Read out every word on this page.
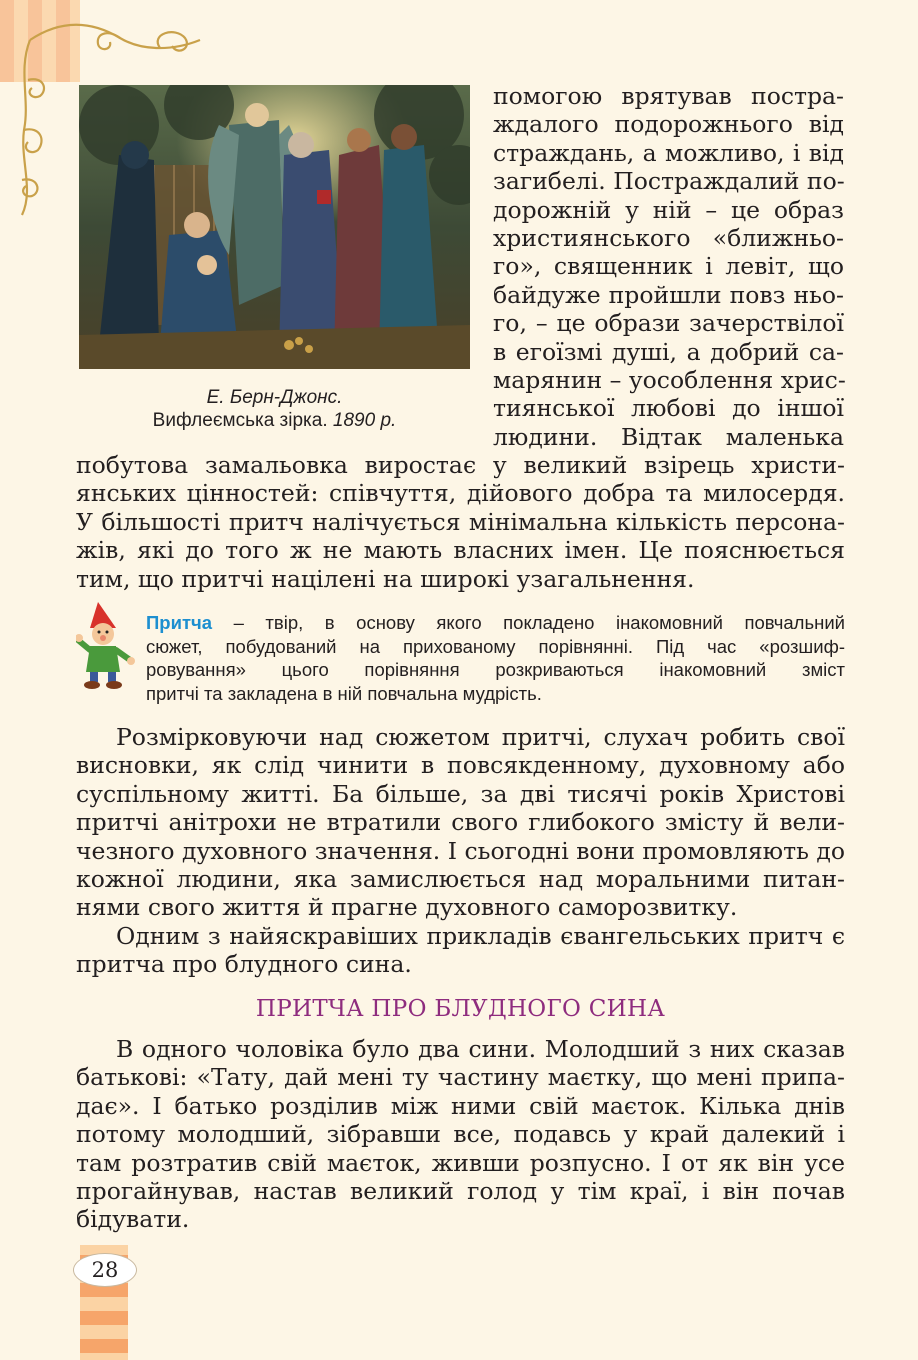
Е. Берн-Джонс.
Вифлеємська зірка. 1890 р.
помогою врятував постра-
ждалого подорожнього від
страждань, а можливо, і від
загибелі. Постраждалий по-
дорожній у ній – це образ
християнського «ближньо-
го», священник і левіт, що
байдуже пройшли повз ньо-
го, – це образи зачерствілої
в егоїзмі душі, а добрий са-
марянин – уособлення хрис-
тиянської любові до іншої
людини. Відтак маленька
побутова замальовка виростає у великий взірець христи-
янських цінностей: співчуття, дійового добра та милосердя.
У більшості притч налічується мінімальна кількість персона-
жів, які до того ж не мають власних імен. Це пояснюється
тим, що притчі націлені на широкі узагальнення.
Притча – твір, в основу якого покладено інакомовний повчальний
сюжет, побудований на прихованому порівнянні. Під час «розшиф-
ровування» цього порівняння розкриваються інакомовний зміст
притчі та закладена в ній повчальна мудрість.
Розмірковуючи над сюжетом притчі, слухач робить свої
висновки, як слід чинити в повсякденному, духовному або
суспільному житті. Ба більше, за дві тисячі років Христові
притчі анітрохи не втратили свого глибокого змісту й вели-
чезного духовного значення. І сьогодні вони промовляють до
кожної людини, яка замислюється над моральними питан-
нями свого життя й прагне духовного саморозвитку.
Одним з найяскравіших прикладів євангельських притч є
притча про блудного сина.
ПРИТЧА ПРО БЛУДНОГО СИНА
В одного чоловіка було два сини. Молодший з них сказав
батькові: «Тату, дай мені ту частину маєтку, що мені припа-
дає». І батько розділив між ними свій маєток. Кілька днів
потому молодший, зібравши все, подавсь у край далекий і
там розтратив свій маєток, живши розпусно. І от як він усе
прогайнував, настав великий голод у тім краї, і він почав
бідувати.
28
